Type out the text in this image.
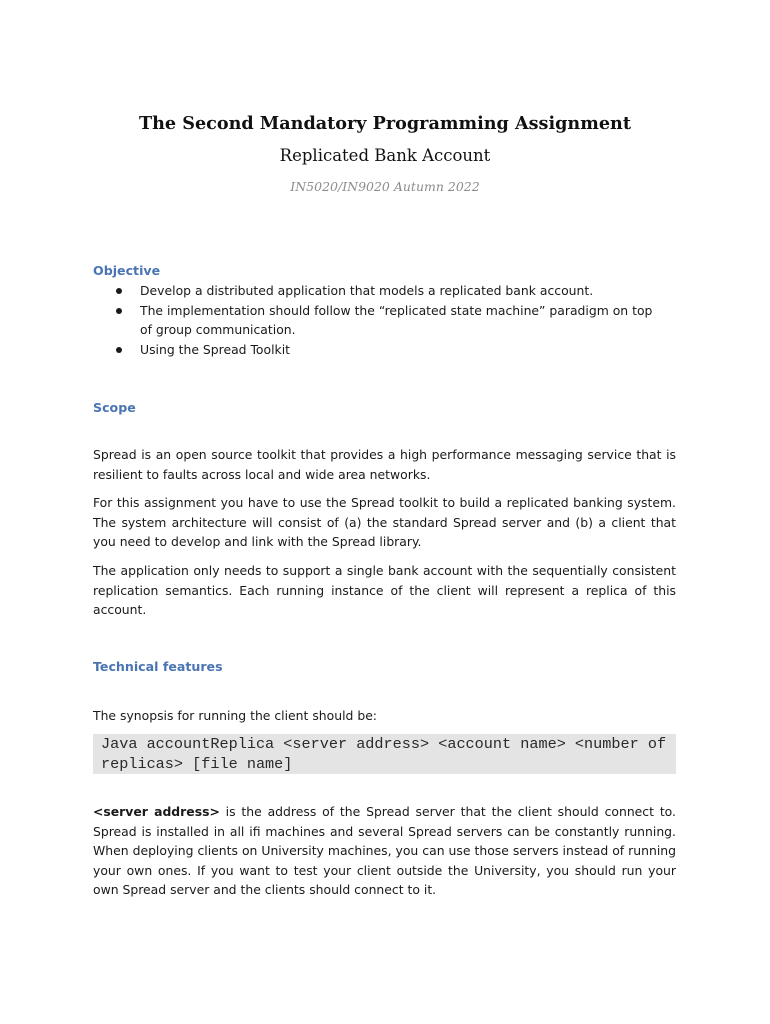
The Second Mandatory Programming Assignment
Replicated Bank Account
IN5020/IN9020 Autumn 2022
Objective
Develop a distributed application that models a replicated bank account.
The implementation should follow the “replicated state machine” paradigm on top of group communication.
Using the Spread Toolkit
Scope

Spread is an open source toolkit that provides a high performance messaging service that is resilient to faults across local and wide area networks.

For this assignment you have to use the Spread toolkit to build a replicated banking system. The system architecture will consist of (a) the standard Spread server and (b) a client that you need to develop and link with the Spread library.

The application only needs to support a single bank account with the sequentially consistent replication semantics. Each running instance of the client will represent a replica of this account.

Technical features

The synopsis for running the client should be:

Java accountReplica <server address> <account name> <number of replicas> [file name]

<server address> is the address of the Spread server that the client should connect to. Spread is installed in all ifi machines and several Spread servers can be constantly running. When deploying clients on University machines, you can use those servers instead of running your own ones. If you want to test your client outside the University, you should run your own Spread server and the clients should connect to it.
